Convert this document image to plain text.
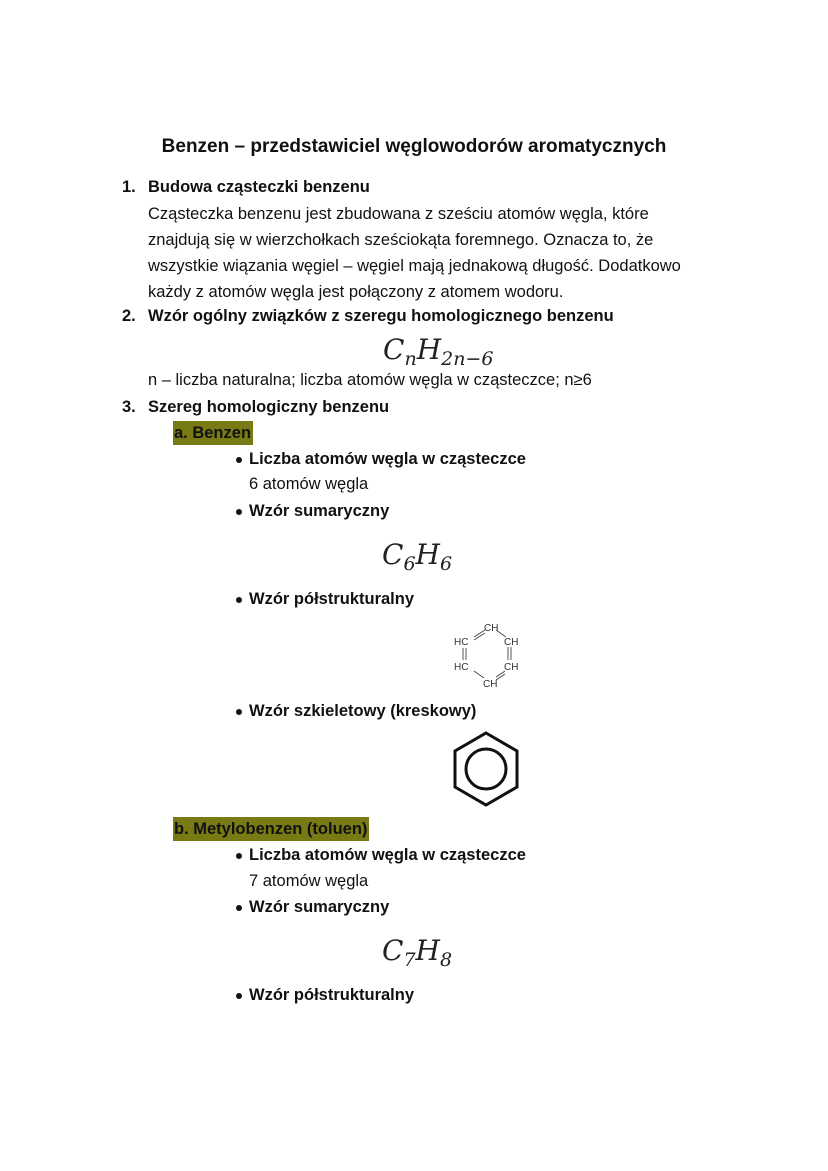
Benzen – przedstawiciel węglowodorów aromatycznych
1. Budowa cząsteczki benzenu
Cząsteczka benzenu jest zbudowana z sześciu atomów węgla, które
znajdują się w wierzchołkach sześciokąta foremnego. Oznacza to, że
wszystkie wiązania węgiel – węgiel mają jednakową długość. Dodatkowo
każdy z atomów węgla jest połączony z atomem wodoru.
2. Wzór ogólny związków z szeregu homologicznego benzenu
$C_nH_{2n-6}$
n – liczba naturalna; liczba atomów węgla w cząsteczce; n≥6
3. Szereg homologiczny benzenu
a. Benzen
Liczba atomów węgla w cząsteczce
6 atomów węgla
Wzór sumaryczny
$C_6H_6$
Wzór półstrukturalny
CH
HC	CH
HC	CH
CH
Wzór szkieletowy (kreskowy)
b. Metylobenzen (toluen)
Liczba atomów węgla w cząsteczce
7 atomów węgla
Wzór sumaryczny
$C_7H_8$
Wzór półstrukturalny
